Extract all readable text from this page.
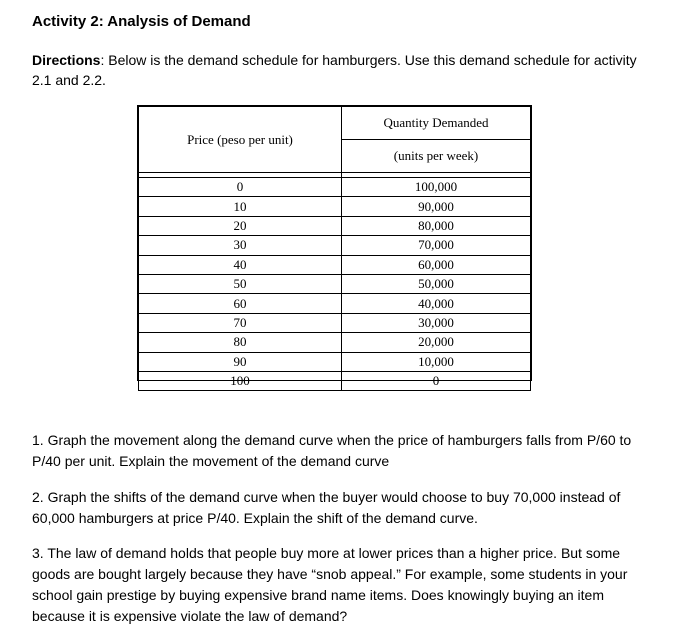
Activity 2: Analysis of Demand
Directions: Below is the demand schedule for hamburgers. Use this demand schedule for activity 2.1 and 2.2.
Price (peso per unit)	Quantity Demanded
	(units per week)

0	100,000
10	90,000
20	80,000
30	70,000
40	60,000
50	50,000
60	40,000
70	30,000
80	20,000
90	10,000
100	0
1. Graph the movement along the demand curve when the price of hamburgers falls from P/60 to P/40 per unit. Explain the movement of the demand curve
2. Graph the shifts of the demand curve when the buyer would choose to buy 70,000 instead of 60,000 hamburgers at price P/40. Explain the shift of the demand curve.
3. The law of demand holds that people buy more at lower prices than a higher price. But some goods are bought largely because they have “snob appeal.” For example, some students in your school gain prestige by buying expensive brand name items. Does knowingly buying an item because it is expensive violate the law of demand?
